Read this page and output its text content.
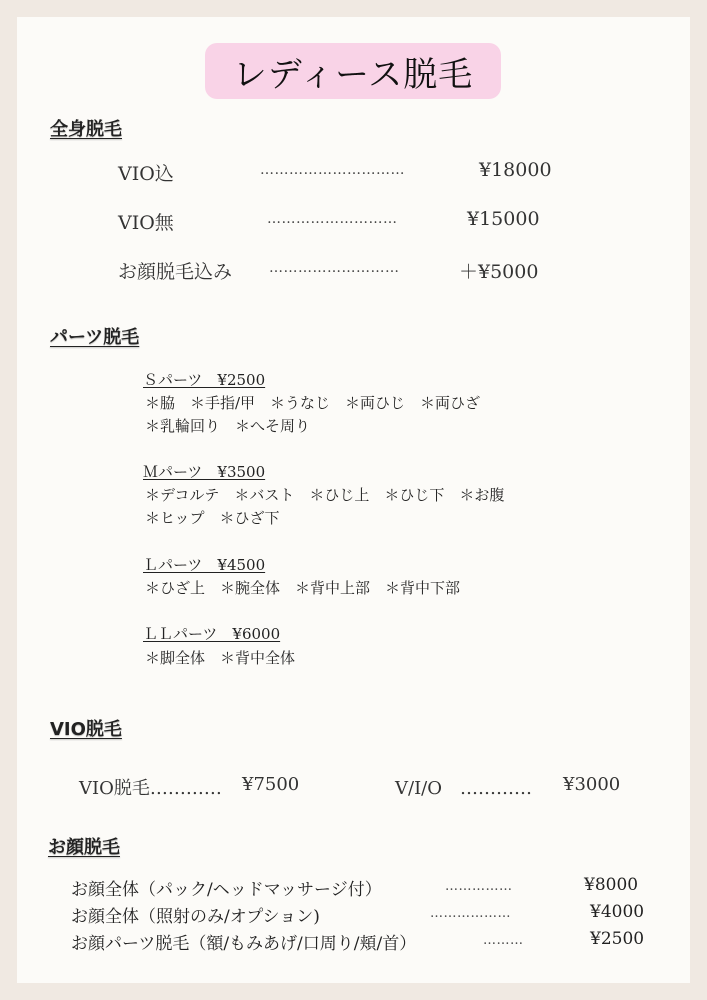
レディース脱毛
全身脱毛
VIO込	…………………………	¥18000
VIO無	………………………	¥15000
お顔脱毛込み	………………………	＋¥5000
パーツ脱毛
Ｓパーツ　¥2500
＊脇　＊手指/甲　＊うなじ　＊両ひじ　＊両ひざ
＊乳輪回り　＊へそ周り
Ｍパーツ　¥3500
＊デコルテ　＊バスト　＊ひじ上　＊ひじ下　＊お腹
＊ヒップ　＊ひざ下
Ｌパーツ　¥4500
＊ひざ上　＊腕全体　＊背中上部　＊背中下部
ＬＬパーツ　¥6000
＊脚全体　＊背中全体
VIO脱毛
VIO脱毛………… ¥7500	V/I/O　………… ¥3000
お顔脱毛
お顔全体（パック/ヘッドマッサージ付）	……………	¥8000
お顔全体（照射のみ/オプション)	………………	¥4000
お顔パーツ脱毛（額/もみあげ/口周り/頬/首）	………	¥2500
